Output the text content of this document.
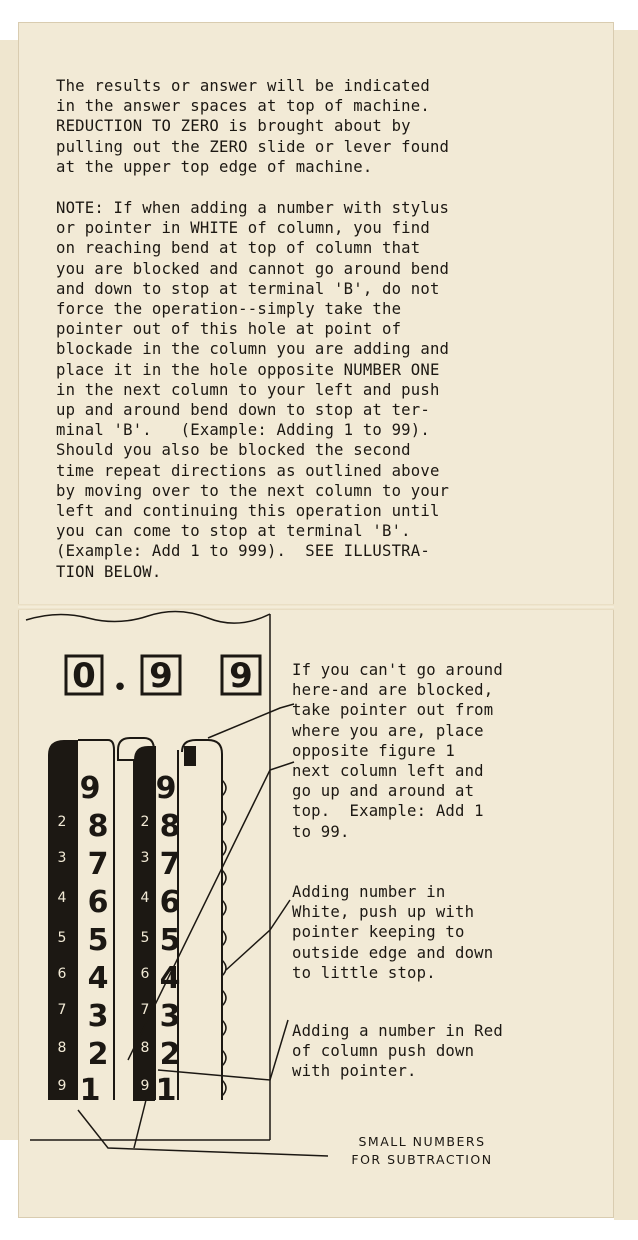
The results or answer will be indicated
in the answer spaces at top of machine.
REDUCTION TO ZERO is brought about by
pulling out the ZERO slide or lever found
at the upper top edge of machine.

NOTE: If when adding a number with stylus
or pointer in WHITE of column, you find
on reaching bend at top of column that
you are blocked and cannot go around bend
and down to stop at terminal 'B', do not
force the operation--simply take the
pointer out of this hole at point of
blockade in the column you are adding and
place it in the hole opposite NUMBER ONE
in the next column to your left and push
up and around bend down to stop at ter-
minal 'B'.   (Example: Adding 1 to 99).
Should you also be blocked the second
time repeat directions as outlined above
by moving over to the next column to your
left and continuing this operation until
you can come to stop at terminal 'B'.
(Example: Add 1 to 999).  SEE ILLUSTRA-
TION BELOW.

0 • 9 9
2
3
4
5
6
7
8
9
9
8
7
6
5
4
3
2
1
2
3
4
5
6
7
8
9
9
8
7
6
5
4
3
2
1

If you can't go around
here-and are blocked,
take pointer out from
where you are, place
opposite figure 1
next column left and
go up and around at
top.  Example: Add 1
to 99.

Adding number in
White, push up with
pointer keeping to
outside edge and down
to little stop.

Adding a number in Red
of column push down
with pointer.

SMALL NUMBERS
FOR SUBTRACTION
